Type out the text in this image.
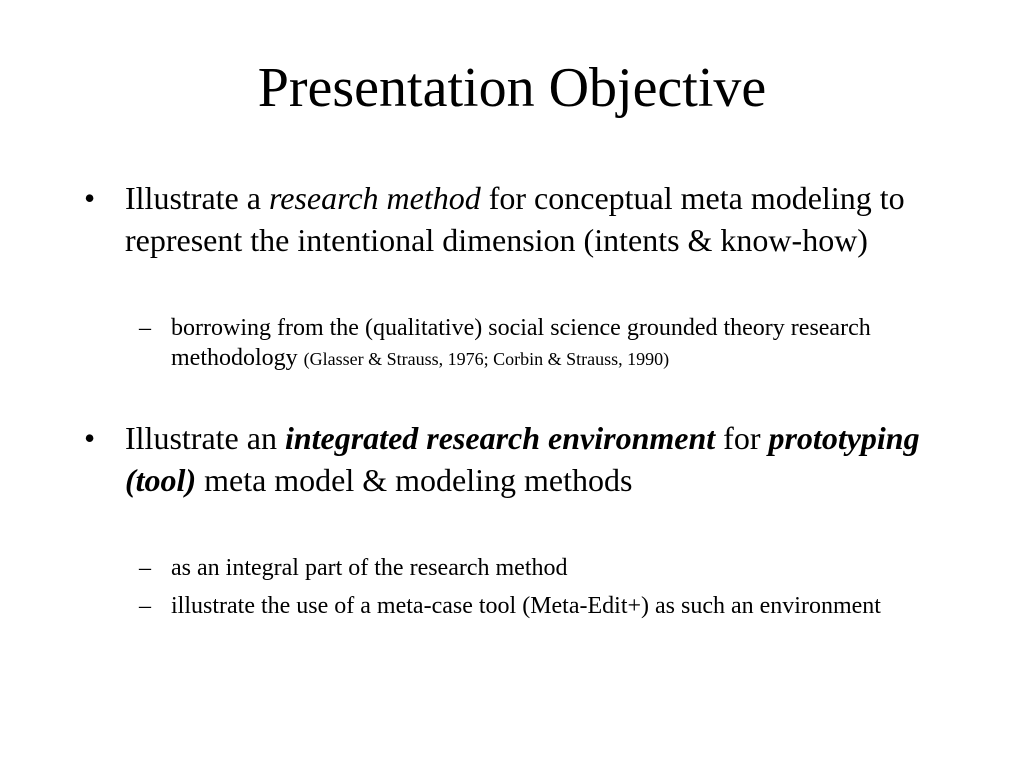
Presentation Objective
• Illustrate a research method for conceptual meta modeling to represent the intentional dimension (intents & know-how)
– borrowing from the (qualitative) social science grounded theory research methodology (Glasser & Strauss, 1976; Corbin & Strauss, 1990)
• Illustrate an integrated research environment for prototyping (tool) meta model & modeling methods
– as an integral part of the research method
– illustrate the use of a meta-case tool (Meta-Edit+) as such an environment
